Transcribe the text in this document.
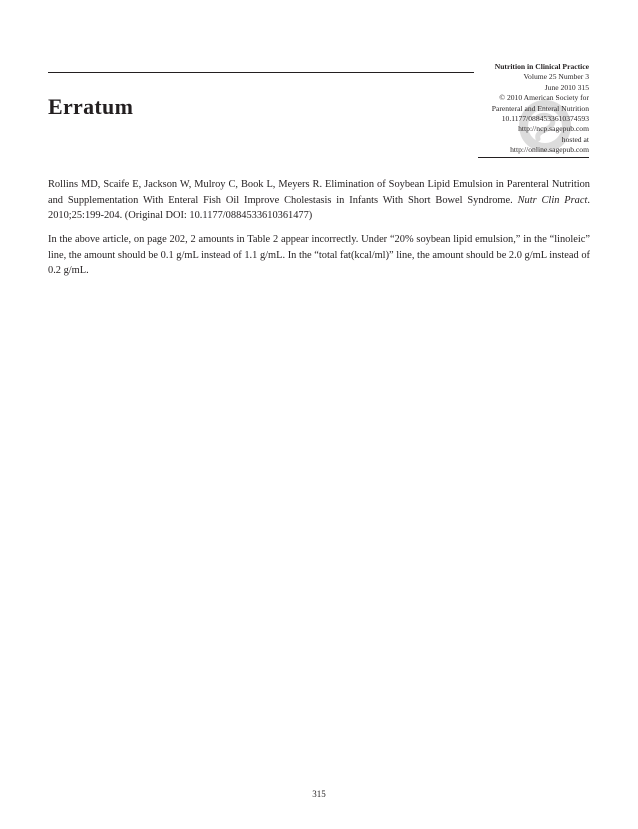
Erratum
Nutrition in Clinical Practice
Volume 25 Number 3
June 2010 315
© 2010 American Society for
Parenteral and Enteral Nutrition
10.1177/0884533610374593
http://ncp.sagepub.com
hosted at
http://online.sagepub.com

Rollins MD, Scaife E, Jackson W, Mulroy C, Book L, Meyers R. Elimination of Soybean Lipid Emulsion in Parenteral Nutrition and Supplementation With Enteral Fish Oil Improve Cholestasis in Infants With Short Bowel Syndrome. Nutr Clin Pract. 2010;25:199-204. (Original DOI: 10.1177/0884533610361477)

In the above article, on page 202, 2 amounts in Table 2 appear incorrectly. Under “20% soybean lipid emulsion,” in the “linoleic” line, the amount should be 0.1 g/mL instead of 1.1 g/mL. In the “total fat(kcal/ml)” line, the amount should be 2.0 g/mL instead of 0.2 g/mL.

315
